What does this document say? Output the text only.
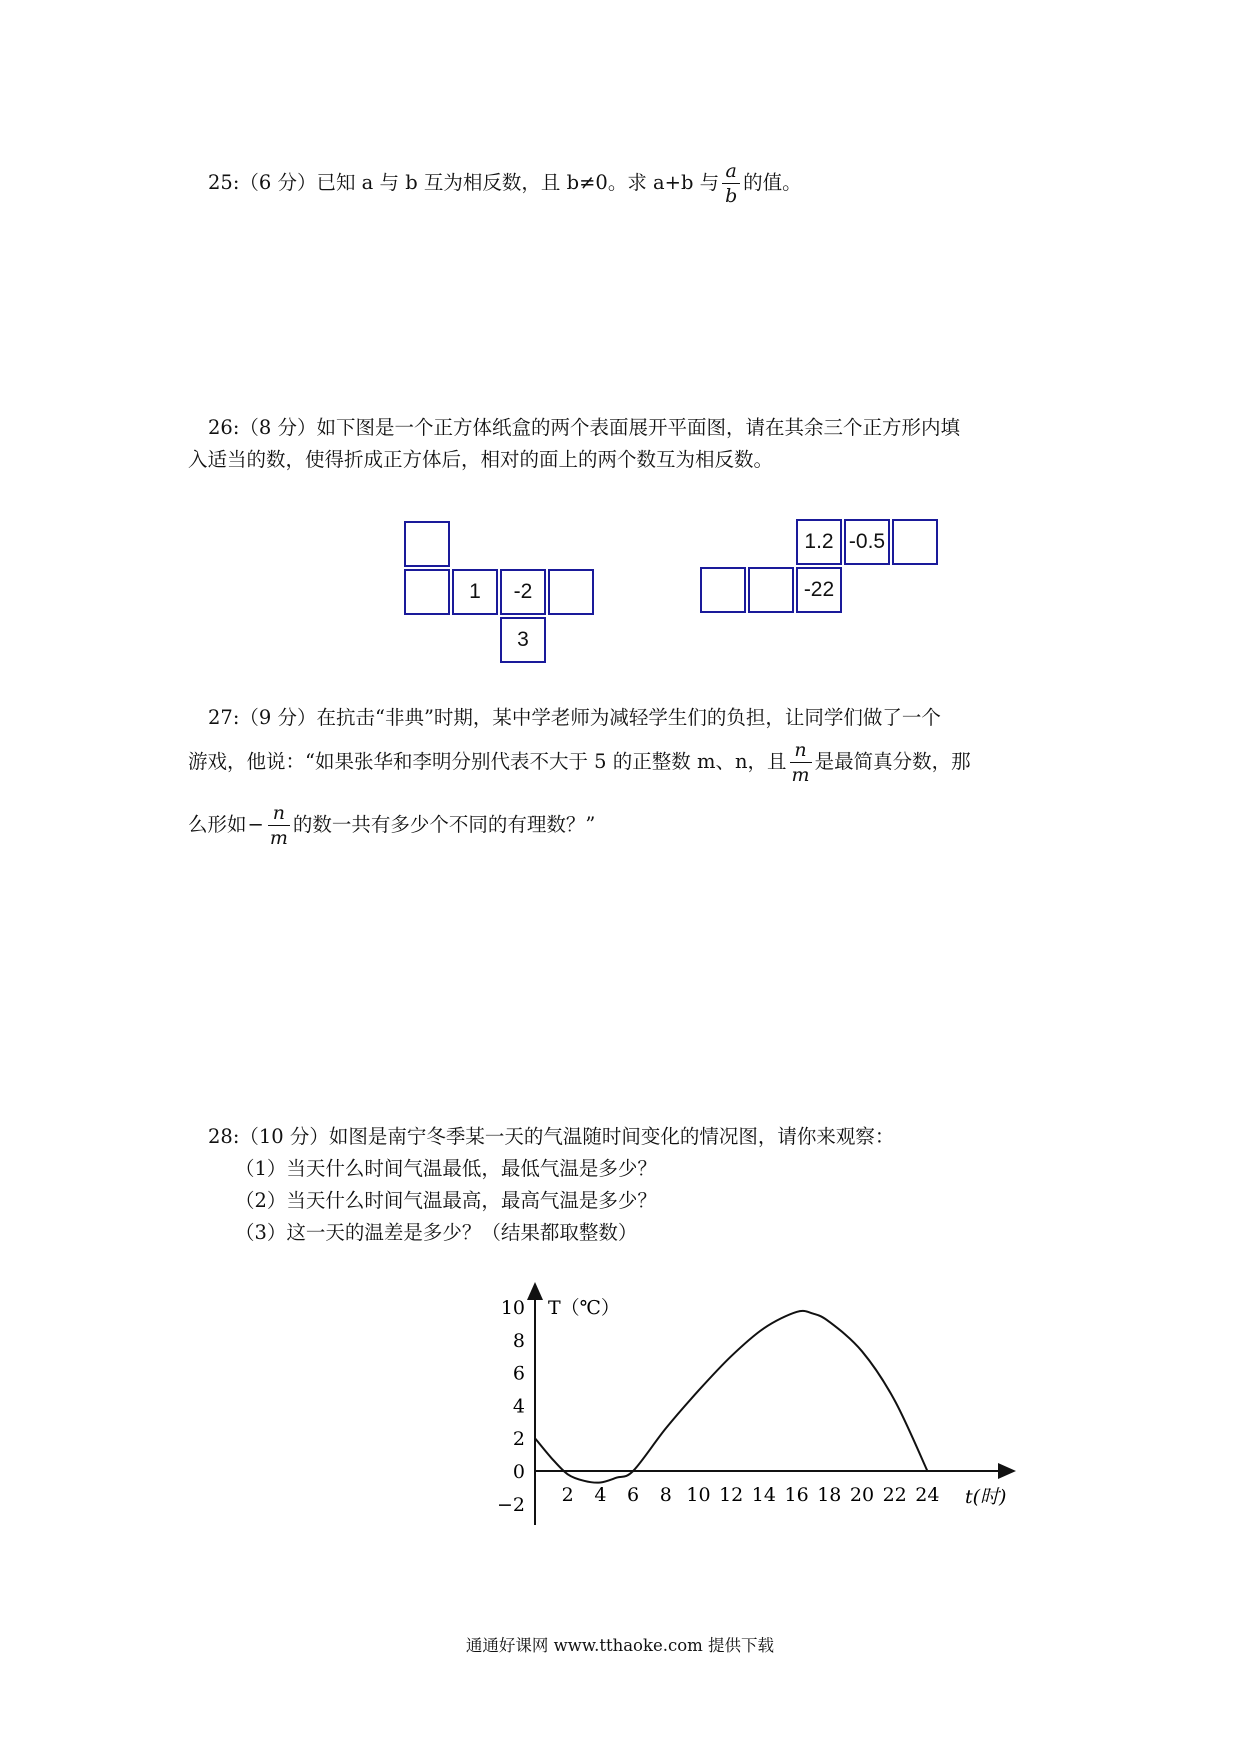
25:（6 分）已知 a 与 b 互为相反数，且 b≠0。求 a+b 与 $\frac{a}{b}$ 的值。
26:（8 分）如下图是一个正方体纸盒的两个表面展开平面图，请在其余三个正方形内填
入适当的数，使得折成正方体后，相对的面上的两个数互为相反数。
1	-2
3
1.2 -0.5
-22
27:（9 分）在抗击“非典”时期，某中学老师为减轻学生们的负担，让同学们做了一个
游戏，他说：“如果张华和李明分别代表不大于 5 的正整数 m、n，且 $\frac{n}{m}$ 是最简真分数，那
么形如− $\frac{n}{m}$ 的数一共有多少个不同的有理数？”
28:（10 分）如图是南宁冬季某一天的气温随时间变化的情况图，请你来观察：
（1）当天什么时间气温最低，最低气温是多少？
（2）当天什么时间气温最高，最高气温是多少？
（3）这一天的温差是多少？（结果都取整数）
T（℃）
t(时)
2 4 6 8 10 12 14 16 18 20 22 24
10
8
6
4
2
0
−2
通通好课网 www.tthaoke.com 提供下载
